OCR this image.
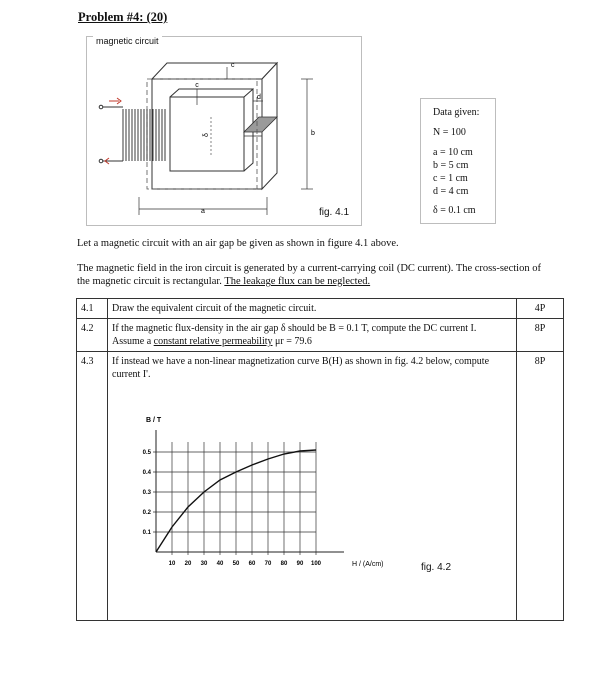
Problem #4: (20)
magnetic circuit
a
b
c
c
d
δ
fig. 4.1
Data given:
N = 100
a = 10 cm
b = 5 cm
c = 1 cm
d = 4 cm
δ = 0.1 cm
Let a magnetic circuit with an air gap be given as shown in figure 4.1 above.
The magnetic field in the iron circuit is generated by a current-carrying coil (DC current). The cross-section of the magnetic circuit is rectangular. The leakage flux can be neglected.
4.1	Draw the equivalent circuit of the magnetic circuit.	4P
4.2	If the magnetic flux-density in the air gap δ should be B = 0.1 T, compute the DC current I.
Assume a constant relative permeability μr = 79.6	8P
4.3	If instead we have a non-linear magnetization curve B(H) as shown in fig. 4.2 below, compute current I'.	8P
10 20 30 40 50 60 70 80 90 100
0.1
0.2
0.3
0.4
0.5
B / T
H / (A/cm)	fig. 4.2
